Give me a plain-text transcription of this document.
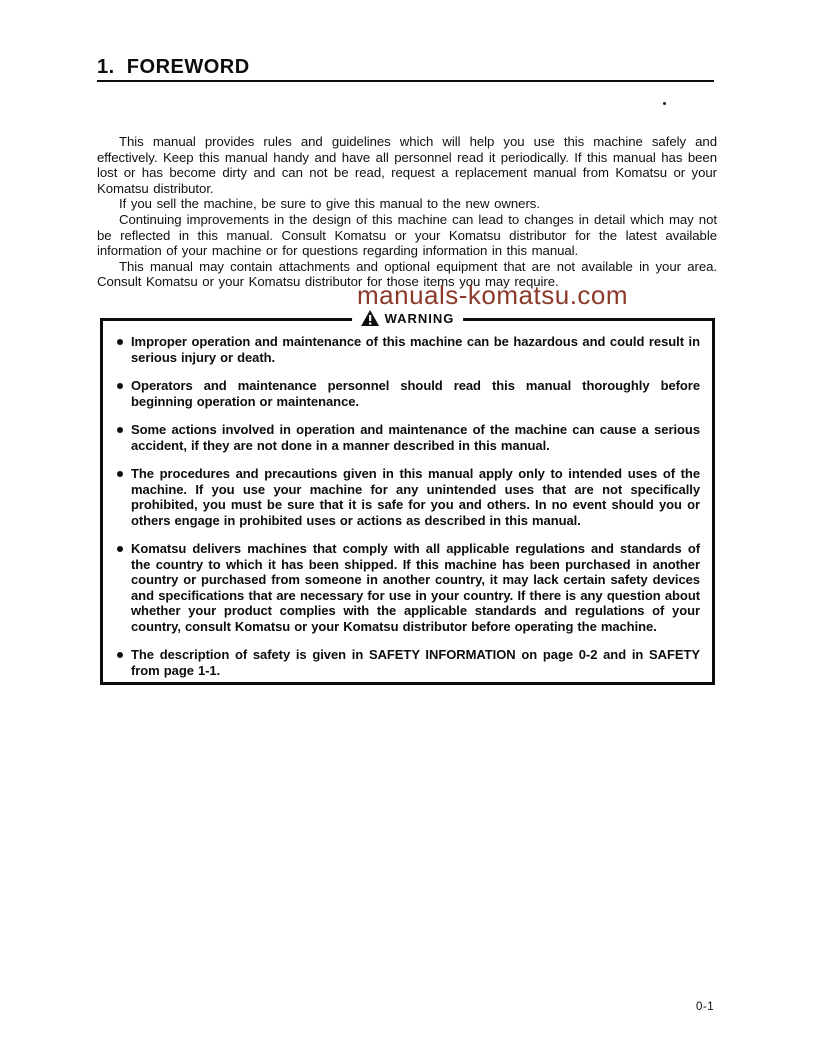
1.  FOREWORD

This manual provides rules and guidelines which will help you use this machine safely and effectively. Keep this manual handy and have all personnel read it periodically. If this manual has been lost or has become dirty and can not be read, request a replacement manual from Komatsu or your Komatsu distributor.

If you sell the machine, be sure to give this manual to the new owners.

Continuing improvements in the design of this machine can lead to changes in detail which may not be reflected in this manual. Consult Komatsu or your Komatsu distributor for the latest available information of your machine or for questions regarding information in this manual.

This manual may contain attachments and optional equipment that are not available in your area. Consult Komatsu or your Komatsu distributor for those items you may require.

manuals-komatsu.com
WARNING
Improper operation and maintenance of this machine can be hazardous and could result in serious injury or death.
Operators and maintenance personnel should read this manual thoroughly before beginning operation or maintenance.
Some actions involved in operation and maintenance of the machine can cause a serious accident, if they are not done in a manner described in this manual.
The procedures and precautions given in this manual apply only to intended uses of the machine. If you use your machine for any unintended uses that are not specifically prohibited, you must be sure that it is safe for you and others. In no event should you or others engage in prohibited uses or actions as described in this manual.
Komatsu delivers machines that comply with all applicable regulations and standards of the country to which it has been shipped. If this machine has been purchased in another country or purchased from someone in another country, it may lack certain safety devices and specifications that are necessary for use in your country. If there is any question about whether your product complies with the applicable standards and regulations of your country, consult Komatsu or your Komatsu distributor before operating the machine.
The description of safety is given in SAFETY INFORMATION on page 0-2 and in SAFETY from page 1-1.
0-1
